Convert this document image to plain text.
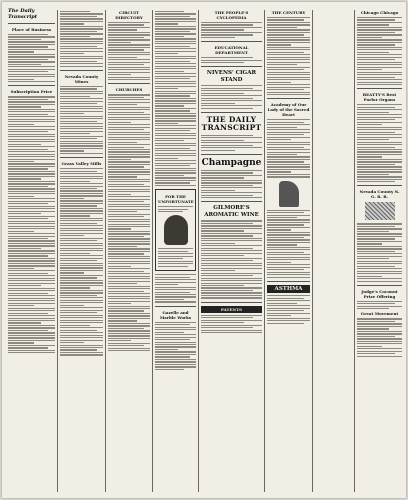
The Daily Transcript
Place of Business
Subscription Price
Nevada County Mines
Grass Valley Mills
CIRCUIT DIRECTORY
CHURCHES
FOR THE UNFORTUNATE
Gazelle and Marble Works
THE PEOPLE'S CYCLOPEDIA
EDUCATIONAL DEPARTMENT
NIVENS' CIGAR STAND
THE DAILY TRANSCRIPT
Champagne
GILMORE'S AROMATIC WINE
PATENTS
THE CENTURY
Academy of Our Lady of the Sacred Heart
ASTHMA
Chicago Chicago
BEATTY'S Best Parlor Organs
Nevada County N. G. R. R.
Judge's Coconut Prize Offering
Great Movement
